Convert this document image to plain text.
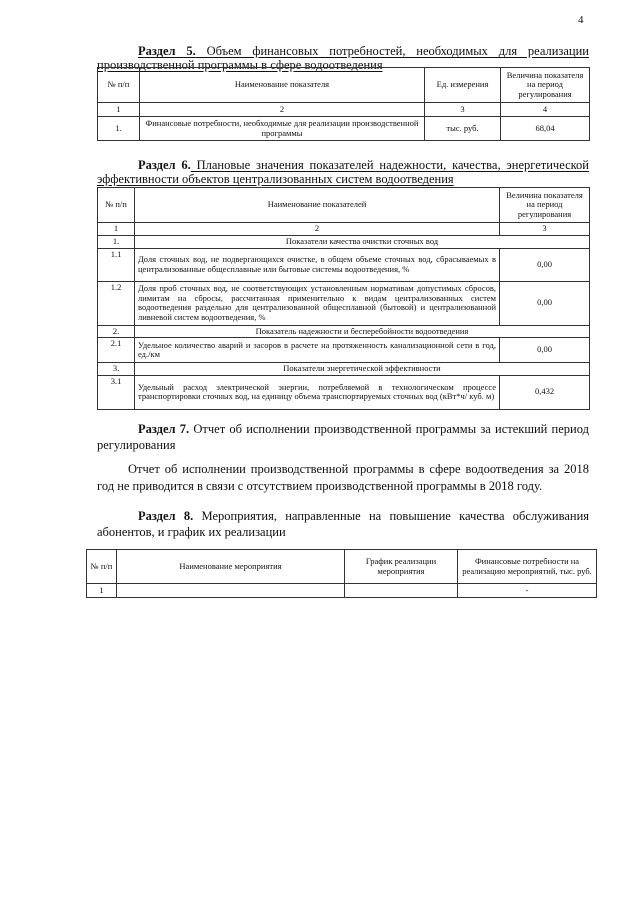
4
Раздел 5. Объем финансовых потребностей, необходимых для реализации производственной программы в сфере водоотведения
№ п/п	Наименование показателя	Ед. измерения	Величина показателя на период регулирования
1	2	3	4
1.	Финансовые потребности, необходимые для реализации производственной программы	тыс. руб.	68,04
Раздел 6. Плановые значения показателей надежности, качества, энергетической эффективности объектов централизованных систем водоотведения
№ п/п	Наименование показателей	Величина показателя на период регулирования
1	2	3
1.	Показатели качества очистки сточных вод	
1.1	Доля сточных вод, не подвергающихся очистке, в общем объеме сточных вод, сбрасываемых в централизованные общесплавные или бытовые системы водоотведения, %	0,00
1.2	Доля проб сточных вод, не соответствующих установленным нормативам допустимых сбросов, лимитам на сбросы, рассчитанная применительно к видам централизованных систем водоотведения раздельно для централизованной общесплавной (бытовой) и централизованной ливневой систем водоотведения, %	0,00
2.	Показатель надежности и бесперебойности водоотведения	
2.1	Удельное количество аварий и засоров в расчете на протяженность канализационной сети в год, ед./км	0,00
3.	Показатели энергетической эффективности	
3.1	Удельный расход электрической энергии, потребляемой в технологическом процессе транспортировки сточных вод, на единицу объема транспортируемых сточных вод (кВт*ч/ куб. м)	0,432
Раздел 7. Отчет об исполнении производственной программы за истекший период регулирования
Отчет об исполнении производственной программы в сфере водоотведения за 2018 год не приводится в связи с отсутствием производственной программы в 2018 году.
Раздел 8. Мероприятия, направленные на повышение качества обслуживания абонентов, и график их реализации
№ п/п	Наименование мероприятия	График реализации мероприятия	Финансовые потребности на реализацию мероприятий, тыс. руб.
1			-
